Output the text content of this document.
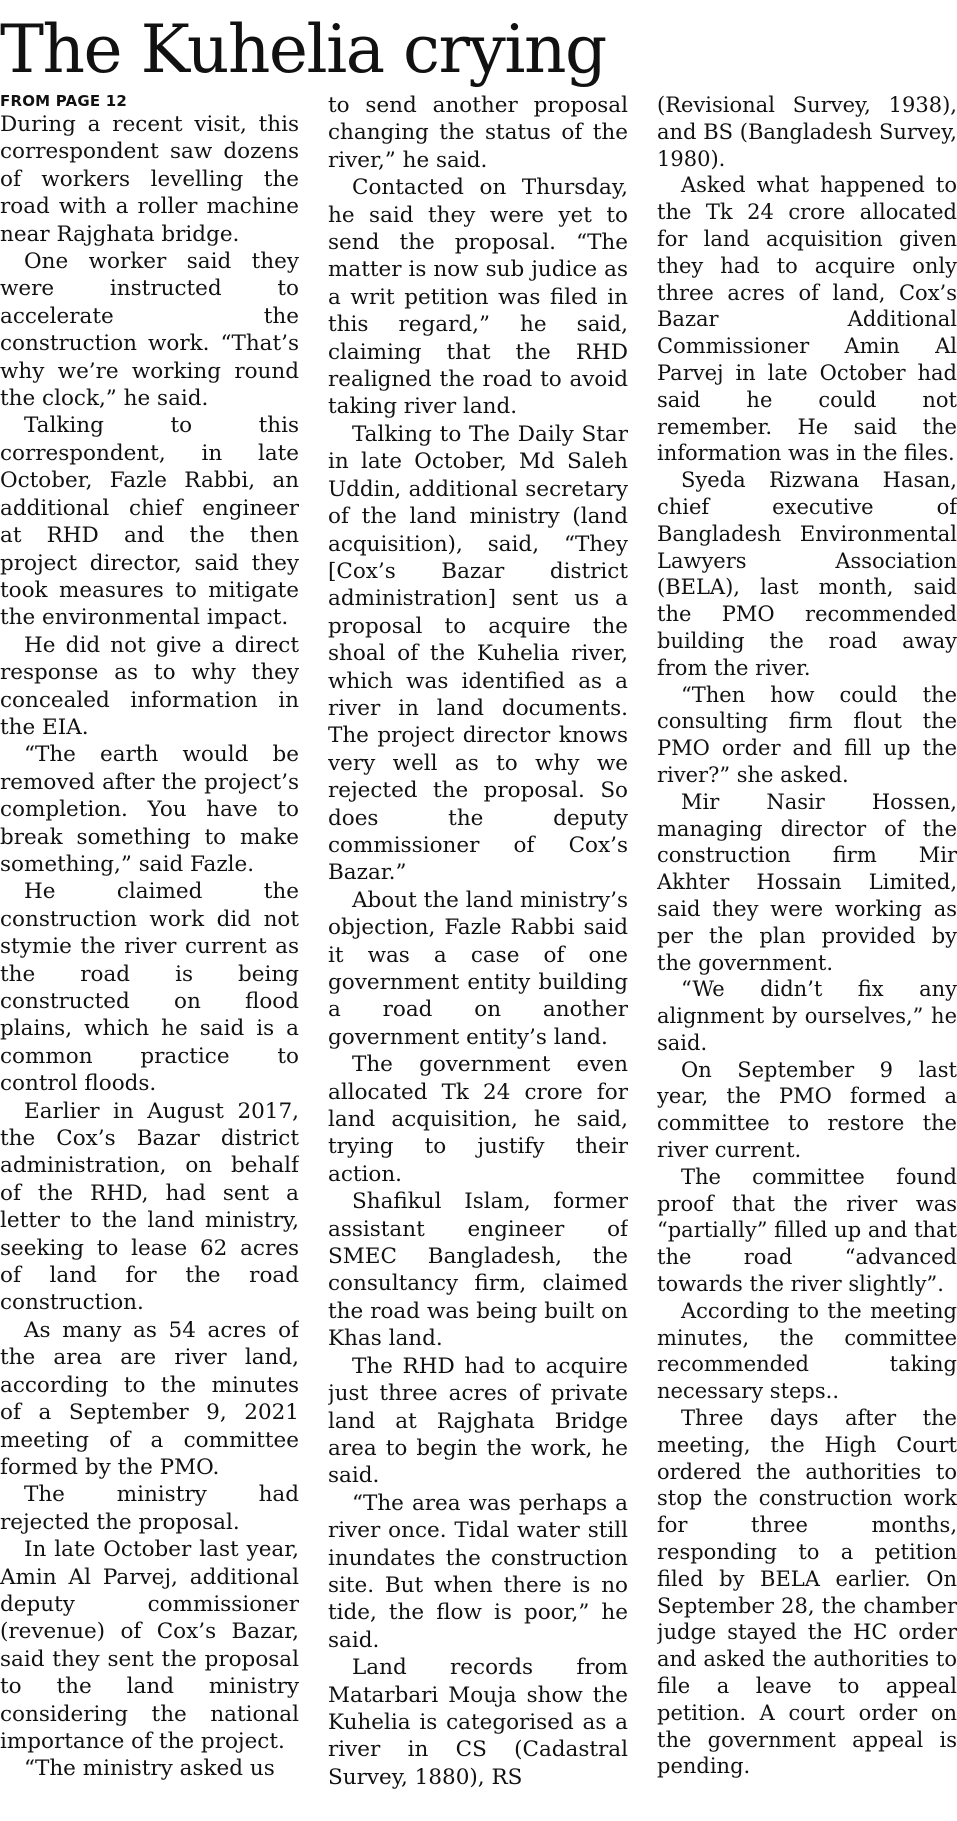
The Kuhelia crying
FROM PAGE 12

During a recent visit, this correspondent saw dozens of workers levelling the road with a roller machine near Rajghata bridge.

One worker said they were instructed to accelerate the construction work. “That’s why we’re working round the clock,” he said.

Talking to this correspondent, in late October, Fazle Rabbi, an additional chief engineer at RHD and the then project director, said they took measures to mitigate the environmental impact.

He did not give a direct response as to why they concealed information in the EIA.

“The earth would be removed after the project’s completion. You have to break something to make something,” said Fazle.

He claimed the construction work did not stymie the river current as the road is being constructed on flood plains, which he said is a common practice to control floods.

Earlier in August 2017, the Cox’s Bazar district administration, on behalf of the RHD, had sent a letter to the land ministry, seeking to lease 62 acres of land for the road construction.

As many as 54 acres of the area are river land, according to the minutes of a September 9, 2021 meeting of a committee formed by the PMO.

The ministry had rejected the proposal.

In late October last year, Amin Al Parvej, additional deputy commissioner (revenue) of Cox’s Bazar, said they sent the proposal to the land ministry considering the national importance of the project.

“The ministry asked us

to send another proposal changing the status of the river,” he said.

Contacted on Thursday, he said they were yet to send the proposal. “The matter is now sub judice as a writ petition was filed in this regard,” he said, claiming that the RHD realigned the road to avoid taking river land.

Talking to The Daily Star in late October, Md Saleh Uddin, additional secretary of the land ministry (land acquisition), said, “They [Cox’s Bazar district administration] sent us a proposal to acquire the shoal of the Kuhelia river, which was identified as a river in land documents. The project director knows very well as to why we rejected the proposal. So does the deputy commissioner of Cox’s Bazar.”

About the land ministry’s objection, Fazle Rabbi said it was a case of one government entity building a road on another government entity’s land.

The government even allocated Tk 24 crore for land acquisition, he said, trying to justify their action.

Shafikul Islam, former assistant engineer of SMEC Bangladesh, the consultancy firm, claimed the road was being built on Khas land.

The RHD had to acquire just three acres of private land at Rajghata Bridge area to begin the work, he said.

“The area was perhaps a river once. Tidal water still inundates the construction site. But when there is no tide, the flow is poor,” he said.

Land records from Matarbari Mouja show the Kuhelia is categorised as a river in CS (Cadastral Survey, 1880), RS

(Revisional Survey, 1938), and BS (Bangladesh Survey, 1980).

Asked what happened to the Tk 24 crore allocated for land acquisition given they had to acquire only three acres of land, Cox’s Bazar Additional Commissioner Amin Al Parvej in late October had said he could not remember. He said the information was in the files.

Syeda Rizwana Hasan, chief executive of Bangladesh Environmental Lawyers Association (BELA), last month, said the PMO recommended building the road away from the river.

“Then how could the consulting firm flout the PMO order and fill up the river?” she asked.

Mir Nasir Hossen, managing director of the construction firm Mir Akhter Hossain Limited, said they were working as per the plan provided by the government.

“We didn’t fix any alignment by ourselves,” he said.

On September 9 last year, the PMO formed a committee to restore the river current.

The committee found proof that the river was “partially” filled up and that the road “advanced towards the river slightly”.

According to the meeting minutes, the committee recommended taking necessary steps..

Three days after the meeting, the High Court ordered the authorities to stop the construction work for three months, responding to a petition filed by BELA earlier. On September 28, the chamber judge stayed the HC order and asked the authorities to file a leave to appeal petition. A court order on the government appeal is pending.
